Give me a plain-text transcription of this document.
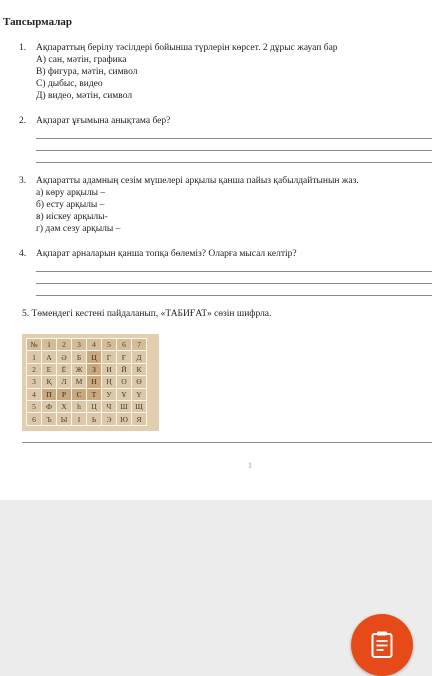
Тапсырмалар
1. Ақпараттың берілу тәсілдері бойынша түрлерін көрсет. 2 дұрыс жауап бар
А) сан, мәтін, графика
В) фигура, мәтін, символ
С) дыбыс, видео
Д) видео, мәтін, символ
2. Ақпарат ұғымына анықтама бер?
3. Ақпаратты адамның сезім мүшелері арқылы қанша пайыз қабылдайтынын жаз.
а) көру арқылы –
б) есту арқылы –
в) иіскеу арқылы-
г) дәм сезу арқылы –
4. Ақпарат арналарын қанша топқа бөлеміз? Оларға мысал келтір?
5. Төмендегі кестені пайдаланып, «ТАБИҒАТ» сөзін шифрла.
№	1	2	3	4	5	6	7
1	А	Ә	Б	Ц	Г	Ғ	Д
2	Е	Ё	Ж	З	И	Й	К
3	Қ	Л	М	Н	Ң	О	Ө
4	П	Р	С	Т	У	Ұ	Ү
5	Ф	Х	һ	Ц	Ч	Ш	Щ
6	Ъ	Ы	І	Ь	Э	Ю	Я
1
